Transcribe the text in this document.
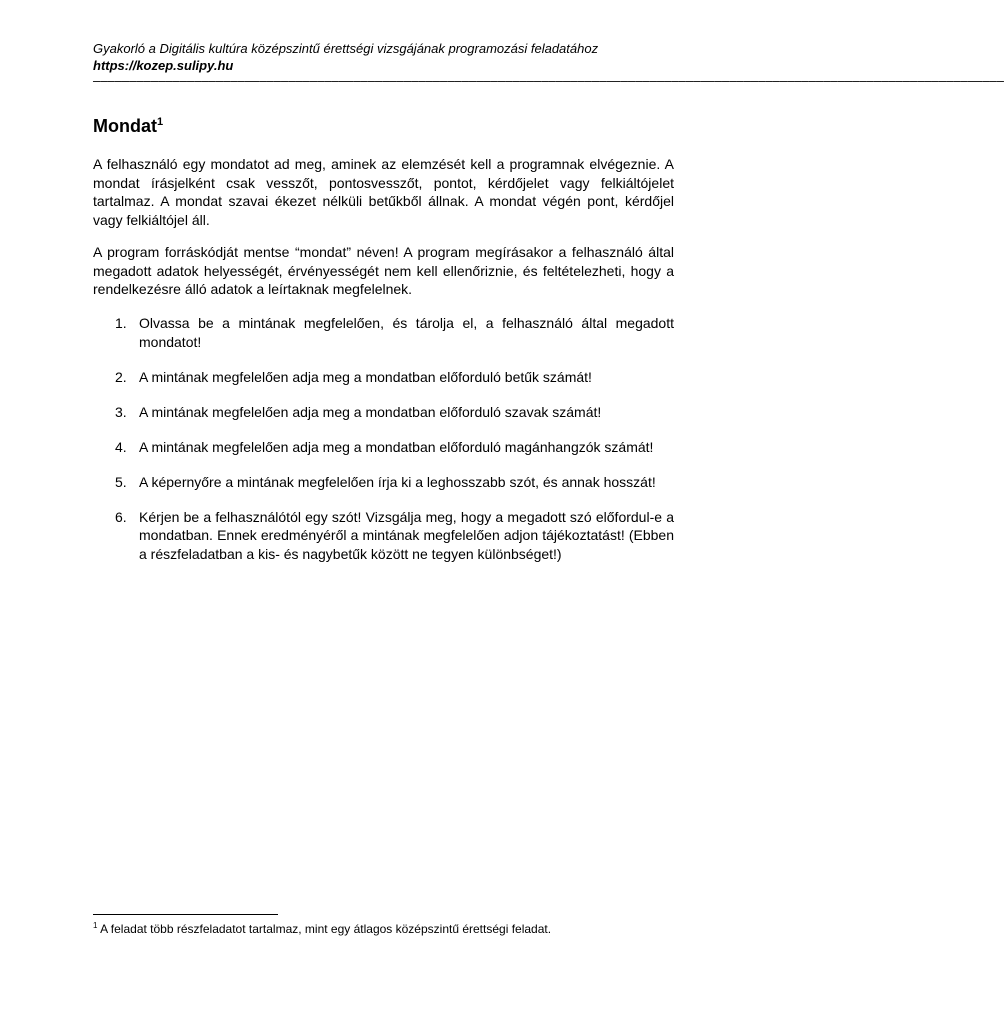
Gyakorló a Digitális kultúra középszintű érettségi vizsgájának programozási feladatához
https://kozep.sulipy.hu
––––––––––––––––––––––––––––––––––––––––––––––––––––––––––––––––––––––––––––––––––––––––––––––––––––––––––––––––––––––––––––––
Mondat$^1$
A felhasználó egy mondatot ad meg, aminek az elemzését kell a programnak elvégeznie. A mondat írásjelként csak vesszőt, pontosvesszőt, pontot, kérdőjelet vagy felkiáltójelet tartalmaz. A mondat szavai ékezet nélküli betűkből állnak. A mondat végén pont, kérdőjel vagy felkiáltójel áll.
A program forráskódját mentse “mondat” néven! A program megírásakor a felhasználó által megadott adatok helyességét, érvényességét nem kell ellenőriznie, és feltételezheti, hogy a rendelkezésre álló adatok a leírtaknak megfelelnek.
1. Olvassa be a mintának megfelelően, és tárolja el, a felhasználó által megadott mondatot!
2. A mintának megfelelően adja meg a mondatban előforduló betűk számát!
3. A mintának megfelelően adja meg a mondatban előforduló szavak számát!
4. A mintának megfelelően adja meg a mondatban előforduló magánhangzók számát!
5. A képernyőre a mintának megfelelően írja ki a leghosszabb szót, és annak hosszát!
6. Kérjen be a felhasználótól egy szót! Vizsgálja meg, hogy a megadott szó előfordul-e a mondatban. Ennek eredményéről a mintának megfelelően adjon tájékoztatást! (Ebben a részfeladatban a kis- és nagybetűk között ne tegyen különbséget!)
$^1$ A feladat több részfeladatot tartalmaz, mint egy átlagos középszintű érettségi feladat.
